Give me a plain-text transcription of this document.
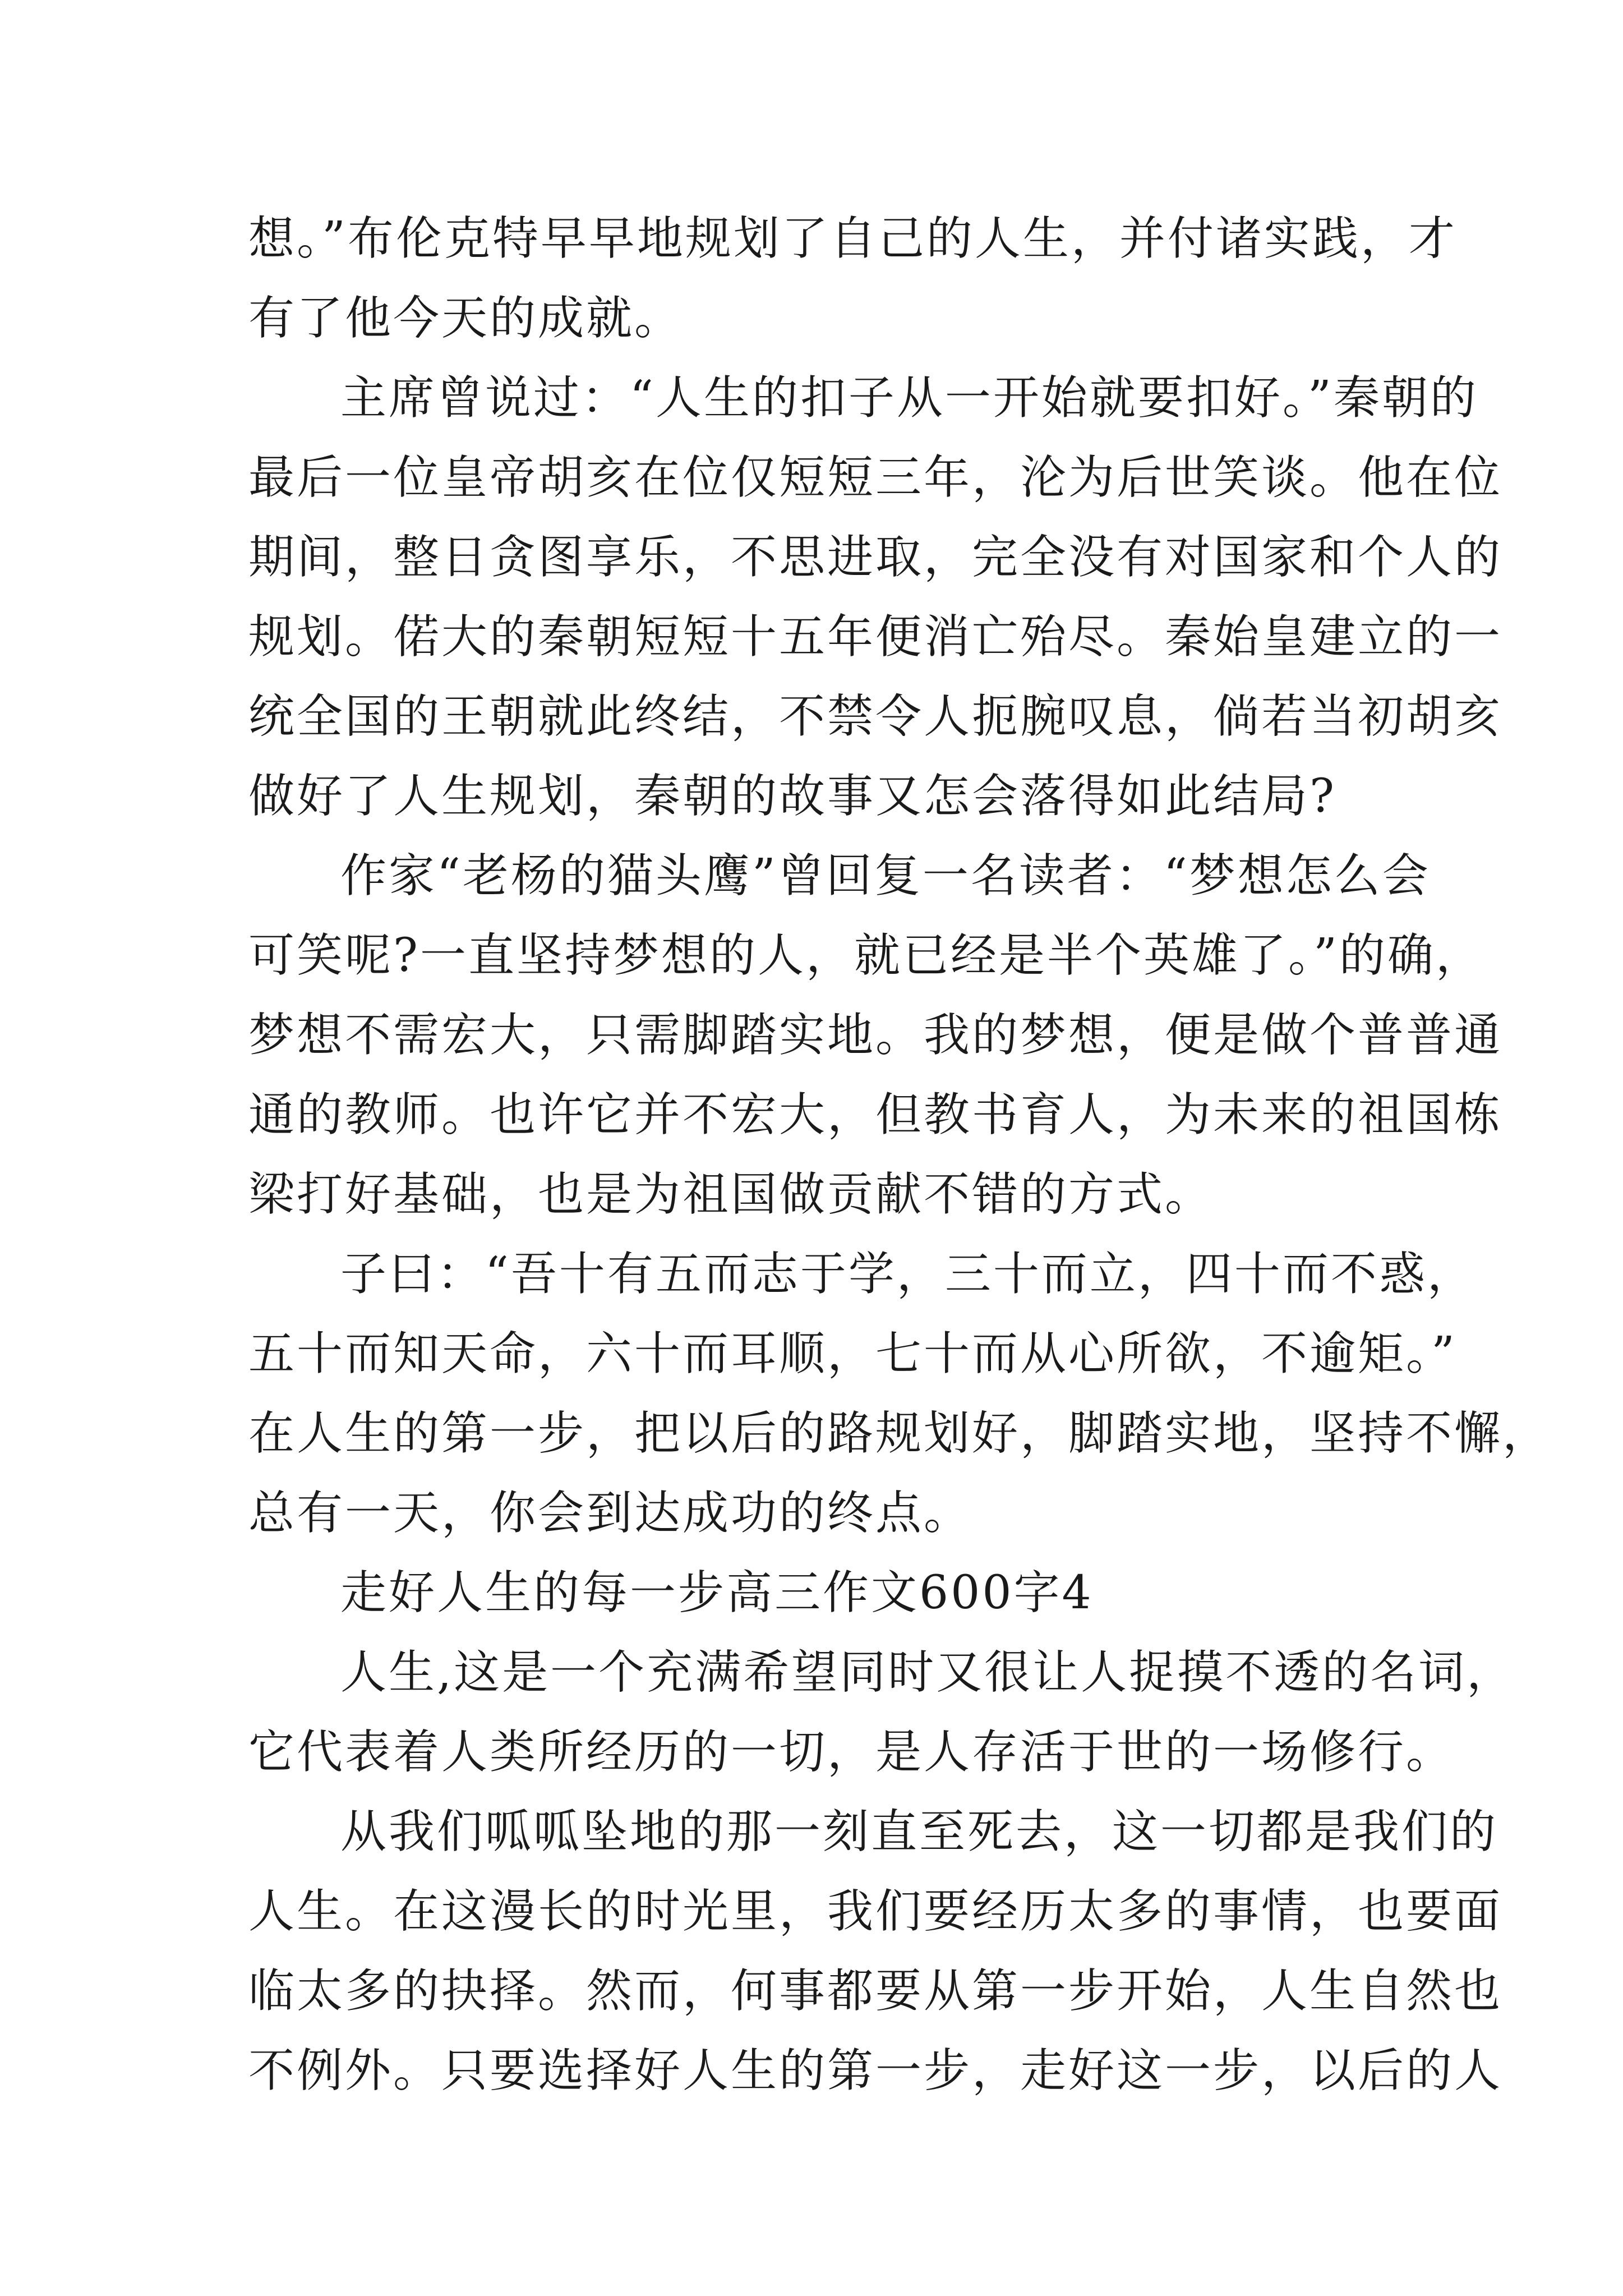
想。”布伦克特早早地规划了自己的人生，并付诸实践，才
有了他今天的成就。
主席曾说过：“人生的扣子从一开始就要扣好。”秦朝的
最后一位皇帝胡亥在位仅短短三年，沦为后世笑谈。他在位
期间，整日贪图享乐，不思进取，完全没有对国家和个人的
规划。偌大的秦朝短短十五年便消亡殆尽。秦始皇建立的一
统全国的王朝就此终结，不禁令人扼腕叹息，倘若当初胡亥
做好了人生规划，秦朝的故事又怎会落得如此结局?
作家“老杨的猫头鹰”曾回复一名读者：“梦想怎么会
可笑呢?一直坚持梦想的人，就已经是半个英雄了。”的确，
梦想不需宏大，只需脚踏实地。我的梦想，便是做个普普通
通的教师。也许它并不宏大，但教书育人，为未来的祖国栋
梁打好基础，也是为祖国做贡献不错的方式。
子曰：“吾十有五而志于学，三十而立，四十而不惑，
五十而知天命，六十而耳顺，七十而从心所欲，不逾矩。”
在人生的第一步，把以后的路规划好，脚踏实地，坚持不懈，
总有一天，你会到达成功的终点。
走好人生的每一步高三作文600字4
人生,这是一个充满希望同时又很让人捉摸不透的名词，
它代表着人类所经历的一切，是人存活于世的一场修行。
从我们呱呱坠地的那一刻直至死去，这一切都是我们的
人生。在这漫长的时光里，我们要经历太多的事情，也要面
临太多的抉择。然而，何事都要从第一步开始，人生自然也
不例外。只要选择好人生的第一步，走好这一步，以后的人
